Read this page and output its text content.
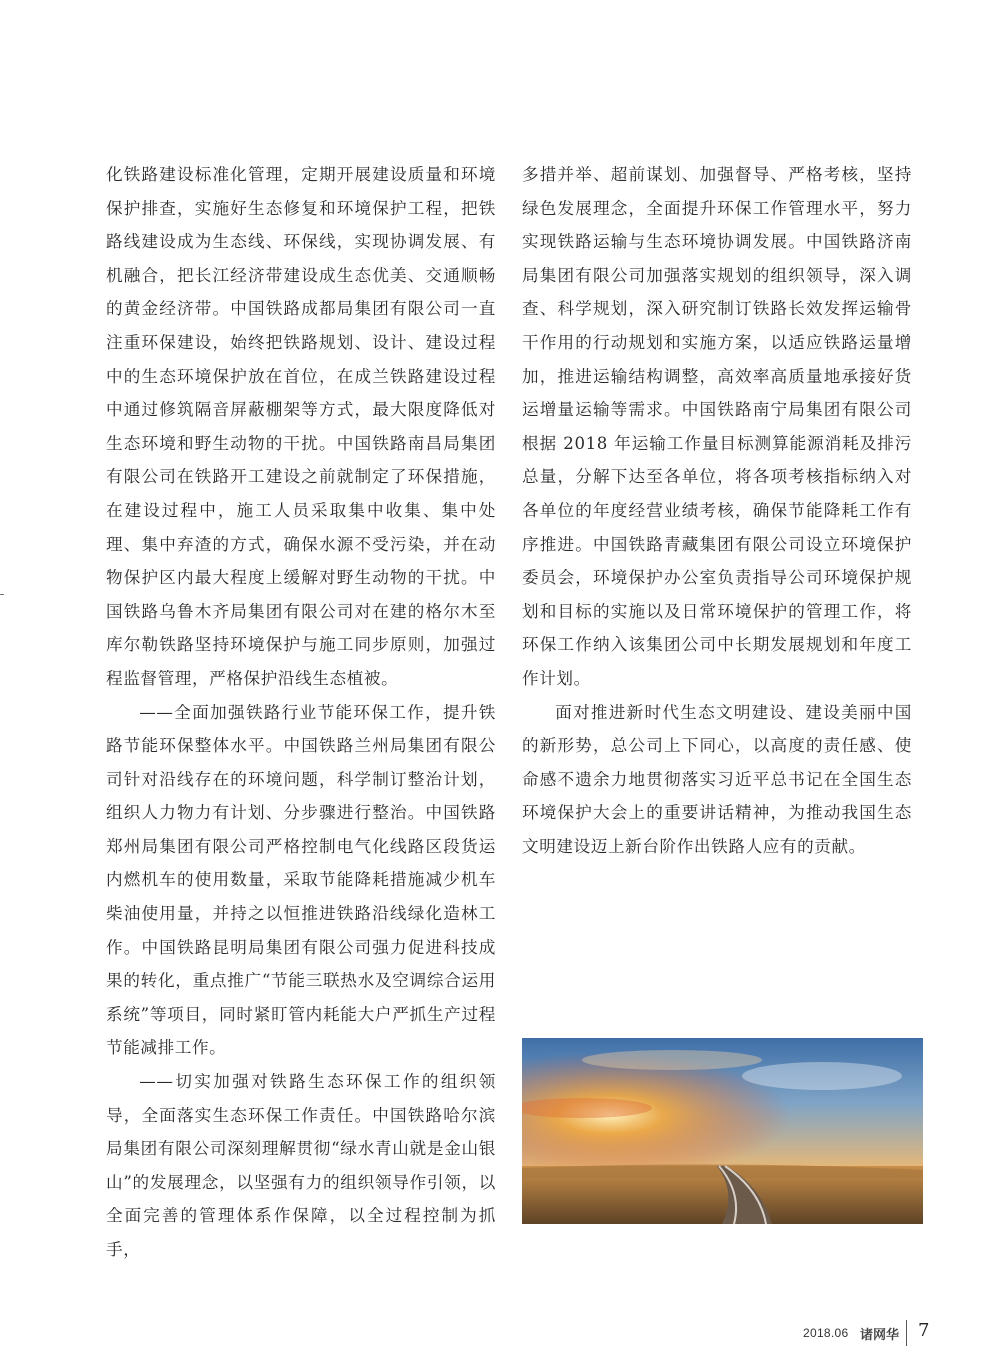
化铁路建设标准化管理，定期开展建设质量和环境保护排查，实施好生态修复和环境保护工程，把铁路线建设成为生态线、环保线，实现协调发展、有机融合，把长江经济带建设成生态优美、交通顺畅的黄金经济带。中国铁路成都局集团有限公司一直注重环保建设，始终把铁路规划、设计、建设过程中的生态环境保护放在首位，在成兰铁路建设过程中通过修筑隔音屏蔽棚架等方式，最大限度降低对生态环境和野生动物的干扰。中国铁路南昌局集团有限公司在铁路开工建设之前就制定了环保措施，在建设过程中，施工人员采取集中收集、集中处理、集中弃渣的方式，确保水源不受污染，并在动物保护区内最大程度上缓解对野生动物的干扰。中国铁路乌鲁木齐局集团有限公司对在建的格尔木至库尔勒铁路坚持环境保护与施工同步原则，加强过程监督管理，严格保护沿线生态植被。

——全面加强铁路行业节能环保工作，提升铁路节能环保整体水平。中国铁路兰州局集团有限公司针对沿线存在的环境问题，科学制订整治计划，组织人力物力有计划、分步骤进行整治。中国铁路郑州局集团有限公司严格控制电气化线路区段货运内燃机车的使用数量，采取节能降耗措施减少机车柴油使用量，并持之以恒推进铁路沿线绿化造林工作。中国铁路昆明局集团有限公司强力促进科技成果的转化，重点推广“节能三联热水及空调综合运用系统”等项目，同时紧盯管内耗能大户严抓生产过程节能减排工作。

——切实加强对铁路生态环保工作的组织领导，全面落实生态环保工作责任。中国铁路哈尔滨局集团有限公司深刻理解贯彻“绿水青山就是金山银山”的发展理念，以坚强有力的组织领导作引领，以全面完善的管理体系作保障，以全过程控制为抓手，

多措并举、超前谋划、加强督导、严格考核，坚持绿色发展理念，全面提升环保工作管理水平，努力实现铁路运输与生态环境协调发展。中国铁路济南局集团有限公司加强落实规划的组织领导，深入调查、科学规划，深入研究制订铁路长效发挥运输骨干作用的行动规划和实施方案，以适应铁路运量增加，推进运输结构调整，高效率高质量地承接好货运增量运输等需求。中国铁路南宁局集团有限公司根据 2018 年运输工作量目标测算能源消耗及排污总量，分解下达至各单位，将各项考核指标纳入对各单位的年度经营业绩考核，确保节能降耗工作有序推进。中国铁路青藏集团有限公司设立环境保护委员会，环境保护办公室负责指导公司环境保护规划和目标的实施以及日常环境保护的管理工作，将环保工作纳入该集团公司中长期发展规划和年度工作计划。

面对推进新时代生态文明建设、建设美丽中国的新形势，总公司上下同心，以高度的责任感、使命感不遗余力地贯彻落实习近平总书记在全国生态环境保护大会上的重要讲话精神，为推动我国生态文明建设迈上新台阶作出铁路人应有的贡献。

2018.06 诸网华 7
